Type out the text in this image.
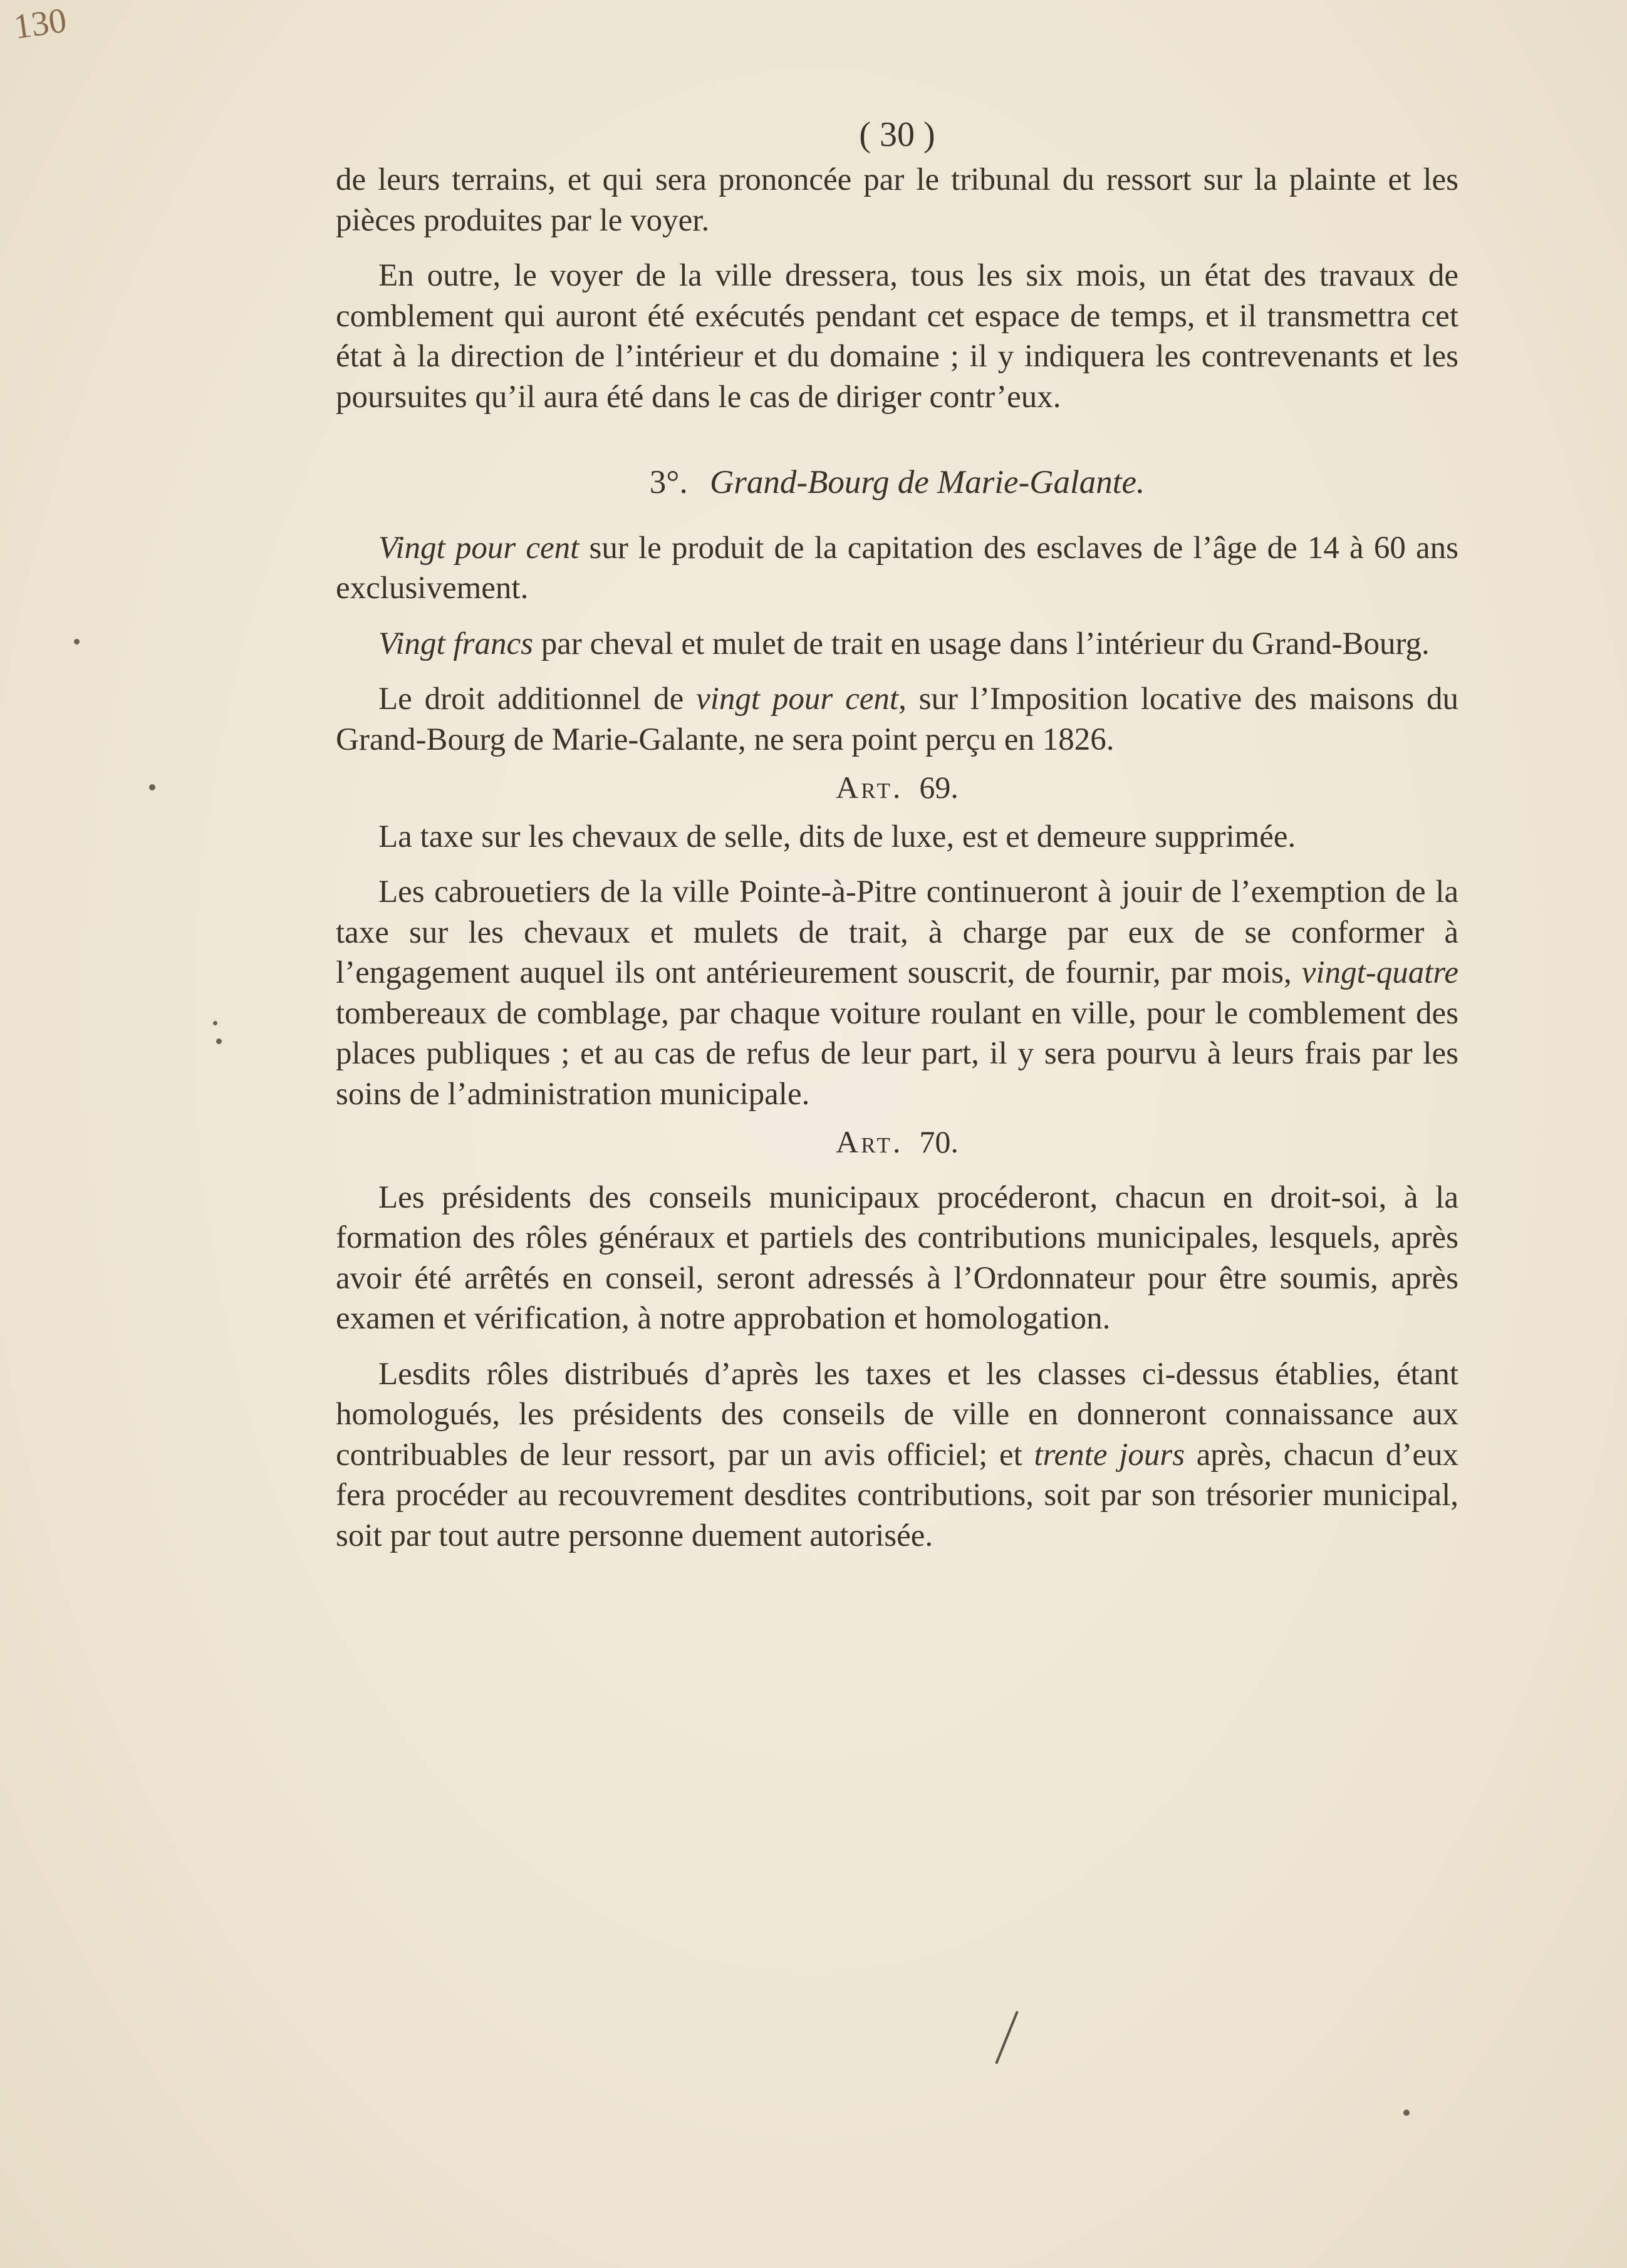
130
( 30 )

de leurs terrains, et qui sera prononcée par le tribunal du ressort sur la plainte et les pièces produites par le voyer.

En outre, le voyer de la ville dressera, tous les six mois, un état des travaux de comblement qui auront été exécutés pendant cet espace de temps, et il transmettra cet état à la direction de l’intérieur et du domaine ; il y indiquera les contrevenants et les poursuites qu’il aura été dans le cas de diriger contr’eux.

3°. Grand-Bourg de Marie-Galante.

Vingt pour cent sur le produit de la capitation des esclaves de l’âge de 14 à 60 ans exclusivement.

Vingt francs par cheval et mulet de trait en usage dans l’intérieur du Grand-Bourg.

Le droit additionnel de vingt pour cent, sur l’Imposition locative des maisons du Grand-Bourg de Marie-Galante, ne sera point perçu en 1826.

Art. 69.

La taxe sur les chevaux de selle, dits de luxe, est et demeure supprimée.

Les cabrouetiers de la ville Pointe-à-Pitre continueront à jouir de l’exemption de la taxe sur les chevaux et mulets de trait, à charge par eux de se conformer à l’engagement auquel ils ont antérieurement souscrit, de fournir, par mois, vingt-quatre tombereaux de comblage, par chaque voiture roulant en ville, pour le comblement des places publiques ; et au cas de refus de leur part, il y sera pourvu à leurs frais par les soins de l’administration municipale.

Art. 70.

Les présidents des conseils municipaux procéderont, chacun en droit-soi, à la formation des rôles généraux et partiels des contributions municipales, lesquels, après avoir été arrêtés en conseil, seront adressés à l’Ordonnateur pour être soumis, après examen et vérification, à notre approbation et homologation.

Lesdits rôles distribués d’après les taxes et les classes ci-dessus établies, étant homologués, les présidents des conseils de ville en donneront connaissance aux contribuables de leur ressort, par un avis officiel; et trente jours après, chacun d’eux fera procéder au recouvrement desdites contributions, soit par son trésorier municipal, soit par tout autre personne duement autorisée.
